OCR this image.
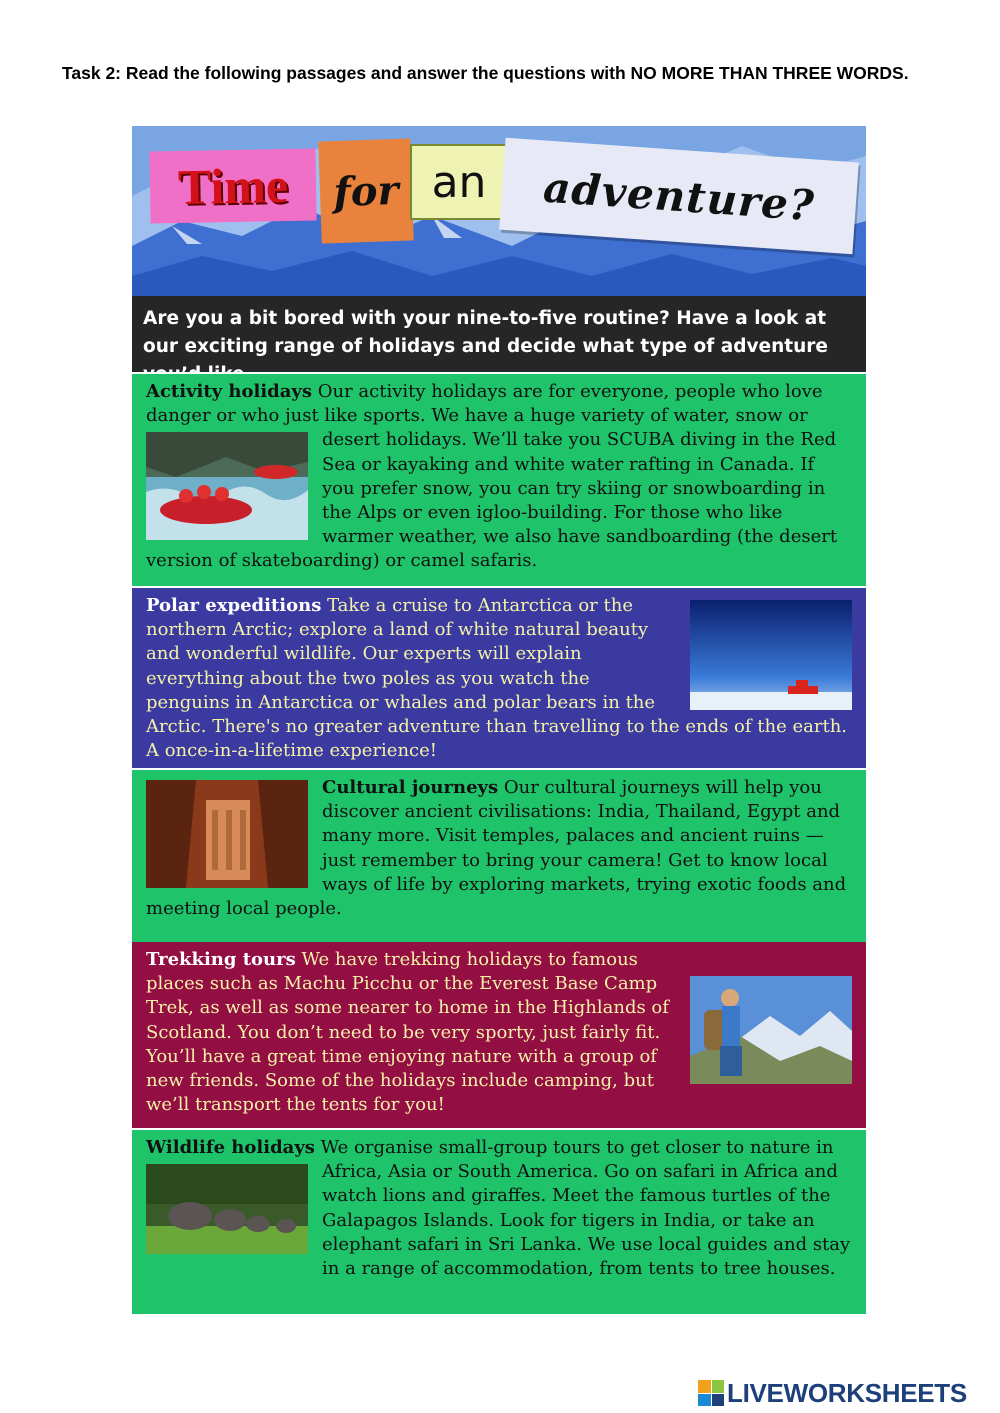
Task 2: Read the following passages and answer the questions with NO MORE THAN THREE WORDS.
Time	for an	adventure?
Are you a bit bored with your nine-to-five routine? Have a look at our exciting range of holidays and decide what type of adventure
Activity holidays Our activity holidays are for everyone, people who love danger or who just like sports. We have a huge variety of water, snow or
desert holidays. We’ll take you SCUBA diving in the Red Sea or kayaking and white water rafting in Canada. If you prefer snow, you can try skiing or snowboarding in the Alps or even igloo-building. For those who like warmer weather, we also have sandboarding (the desert version of skateboarding) or camel safaris.
Polar expeditions Take a cruise to Antarctica or the northern Arctic; explore a land of white natural beauty and wonderful wildlife. Our experts will explain everything about the two poles as you watch the penguins in Antarctica or whales and polar bears in the Arctic. There's no greater adventure than travelling to the ends of the earth. A once-in-a-lifetime experience!
Cultural journeys Our cultural journeys will help you
discover ancient civilisations: India, Thailand, Egypt and many more. Visit temples, palaces and ancient ruins — just remember to bring your camera! Get to know local ways of life by exploring markets, trying exotic foods and meeting local people.
Trekking tours We have trekking holidays to famous places such as Machu Picchu or the Everest Base Camp Trek, as well as some nearer to home in the Highlands of Scotland. You don’t need to be very sporty, just fairly fit. You’ll have a great time enjoying nature with a group of new friends. Some of the holidays include camping, but we’ll transport the tents for you!
Wildlife holidays We organise small-group tours to get closer to nature in Africa, Asia or South America.
Go on safari in Africa and watch lions and giraffes. Meet the famous turtles of the Galapagos Islands. Look for tigers in India, or take an elephant safari in Sri Lanka. We use local guides and stay in a range of accommodation, from tents to tree houses.
LIVEWORKSHEETS
